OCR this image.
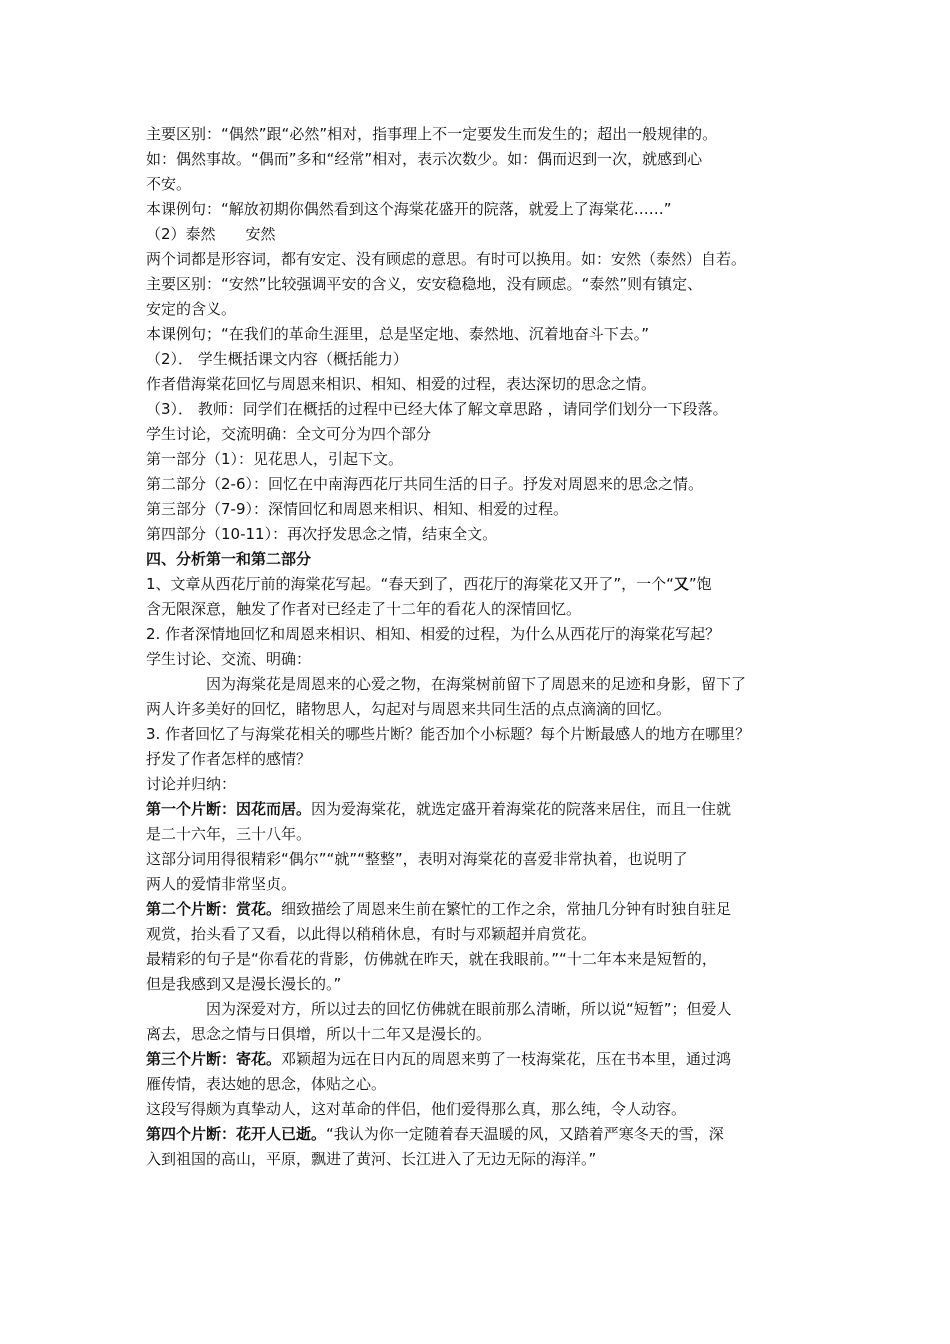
主要区别：“偶然”跟“必然”相对，指事理上不一定要发生而发生的；超出一般规律的。
如：偶然事故。“偶而”多和“经常”相对，表示次数少。如：偶而迟到一次，就感到心
不安。
本课例句：“解放初期你偶然看到这个海棠花盛开的院落，就爱上了海棠花……”
（2）泰然　　安然
两个词都是形容词，都有安定、没有顾虑的意思。有时可以换用。如：安然（泰然）自若。
主要区别：“安然”比较强调平安的含义，安安稳稳地，没有顾虑。“泰然”则有镇定、
安定的含义。
本课例句；“在我们的革命生涯里，总是坚定地、泰然地、沉着地奋斗下去。”
（2）． 学生概括课文内容（概括能力）
作者借海棠花回忆与周恩来相识、相知、相爱的过程，表达深切的思念之情。
（3）． 教师：同学们在概括的过程中已经大体了解文章思路 ，请同学们划分一下段落。
学生讨论，交流明确：全文可分为四个部分
第一部分（1）：见花思人，引起下文。
第二部分（2-6）：回忆在中南海西花厅共同生活的日子。抒发对周恩来的思念之情。
第三部分（7-9）：深情回忆和周恩来相识、相知、相爱的过程。
第四部分（10-11）：再次抒发思念之情，结束全文。
四、分析第一和第二部分
1、文章从西花厅前的海棠花写起。“春天到了，西花厅的海棠花又开了”，一个“又”饱
含无限深意，触发了作者对已经走了十二年的看花人的深情回忆。
2. 作者深情地回忆和周恩来相识、相知、相爱的过程，为什么从西花厅的海棠花写起？
学生讨论、交流、明确：
因为海棠花是周恩来的心爱之物，在海棠树前留下了周恩来的足迹和身影，留下了
两人许多美好的回忆，睹物思人，勾起对与周恩来共同生活的点点滴滴的回忆。
3. 作者回忆了与海棠花相关的哪些片断？能否加个小标题？每个片断最感人的地方在哪里？
抒发了作者怎样的感情？
讨论并归纳：
第一个片断：因花而居。因为爱海棠花，就选定盛开着海棠花的院落来居住，而且一住就
是二十六年，三十八年。
这部分词用得很精彩“偶尔”“就”“整整”，表明对海棠花的喜爱非常执着，也说明了
两人的爱情非常坚贞。
第二个片断：赏花。细致描绘了周恩来生前在繁忙的工作之余，常抽几分钟有时独自驻足
观赏，抬头看了又看，以此得以稍稍休息，有时与邓颖超并肩赏花。
最精彩的句子是“你看花的背影，仿佛就在昨天，就在我眼前。”“十二年本来是短暂的，
但是我感到又是漫长漫长的。”
因为深爱对方，所以过去的回忆仿佛就在眼前那么清晰，所以说“短暂”；但爱人
离去，思念之情与日俱增，所以十二年又是漫长的。
第三个片断：寄花。邓颖超为远在日内瓦的周恩来剪了一枝海棠花，压在书本里，通过鸿
雁传情，表达她的思念，体贴之心。
这段写得颇为真挚动人，这对革命的伴侣，他们爱得那么真，那么纯，令人动容。
第四个片断：花开人已逝。“我认为你一定随着春天温暖的风，又踏着严寒冬天的雪，深
入到祖国的高山，平原，飘进了黄河、长江进入了无边无际的海洋。”
